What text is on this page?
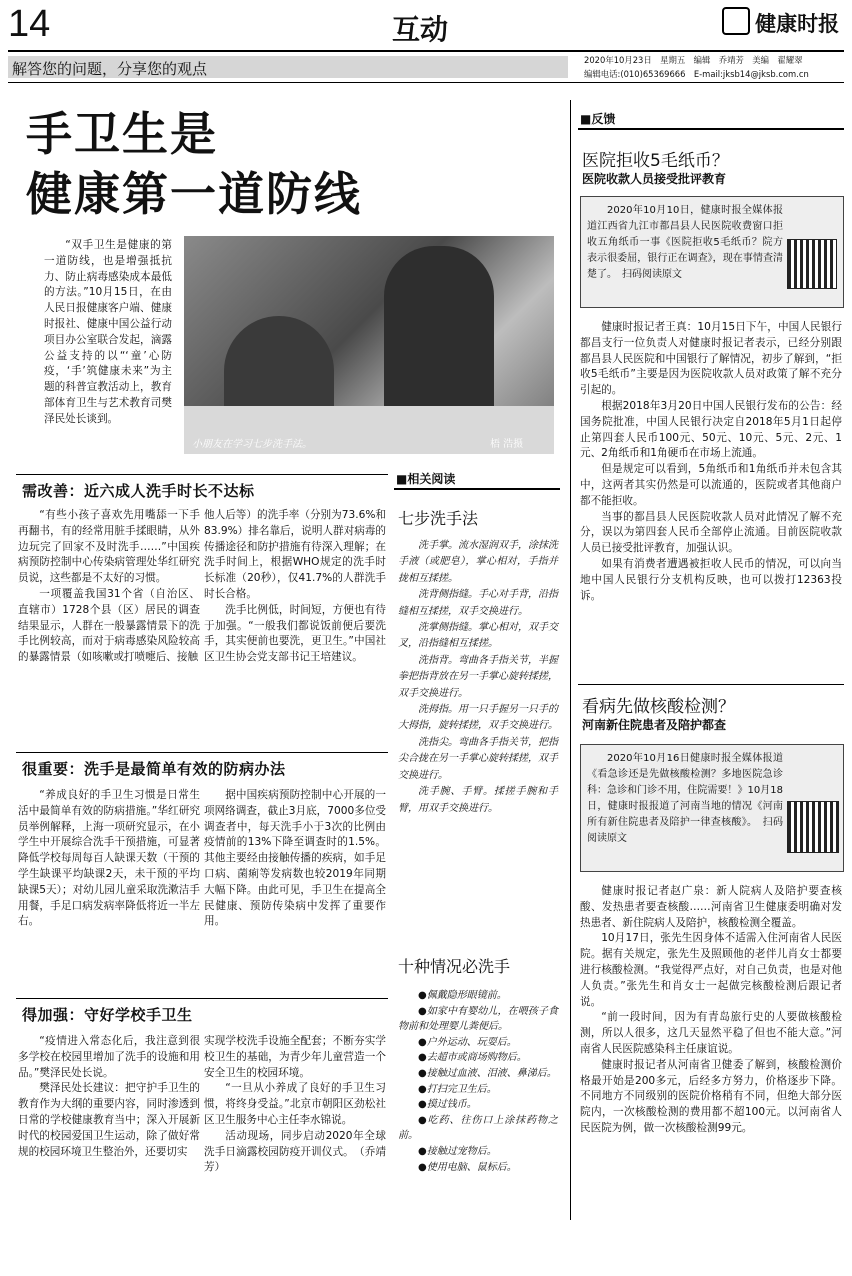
14	互动	健康时报
解答您的问题，分享您的观点	2020年10月23日　星期五　编辑　乔靖芳　美编　翟耀翠
编辑电话:(010)65369666　E-mail:jksb14@jksb.com.cn
手卫生是
健康第一道防线

“双手卫生是健康的第一道防线，也是增强抵抗力、防止病毒感染成本最低的方法。”10月15日，在由人民日报健康客户端、健康时报社、健康中国公益行动项目办公室联合发起，滴露公益支持的以“‘童’心防疫，‘手’筑健康未来”为主题的科普宣教活动上，教育部体育卫生与艺术教育司樊泽民处长谈到。

小朋友在学习七步洗手法。	梧 浩摄
需改善：近六成人洗手时长不达标

“有些小孩子喜欢先用嘴舔一下手再翻书，有的经常用脏手揉眼睛，从外边玩完了回家不及时洗手……”中国疾病预防控制中心传染病管理处华红研究员说，这些都是不太好的习惯。

一项覆盖我国31个省（自治区、直辖市）1728个县（区）居民的调查结果显示，人群在一般暴露情景下的洗手比例较高，而对于病毒感染风险较高的暴露情景（如咳嗽或打喷嚏后、接触

他人后等）的洗手率（分别为73.6%和83.9%）排名靠后，说明人群对病毒的传播途径和防护措施有待深入理解；在洗手时间上，根据WHO规定的洗手时长标准（20秒），仅41.7%的人群洗手时长合格。

洗手比例低，时间短，方便也有待于加强。“一般我们都说饭前便后要洗手，其实便前也要洗，更卫生。”中国社区卫生协会党支部书记王培建议。

很重要：洗手是最简单有效的防病办法

“养成良好的手卫生习惯是日常生活中最简单有效的防病措施。”华红研究员举例解释，上海一项研究显示，在小学生中开展综合洗手干预措施，可显著降低学校每周每百人缺课天数（干预的学生缺课平均缺课2天，未干预的平均缺课5天）；对幼儿园儿童采取洗漱洁手用餐，手足口病发病率降低将近一半左右。

据中国疾病预防控制中心开展的一项网络调查，截止3月底，7000多位受调查者中，每天洗手小于3次的比例由疫情前的13%下降至调查时的1.5%。其他主要经由接触传播的疾病，如手足口病、菌痢等发病数也较2019年同期大幅下降。由此可见，手卫生在提高全民健康、预防传染病中发挥了重要作用。

得加强：守好学校手卫生

“疫情进入常态化后，我注意到很多学校在校园里增加了洗手的设施和用品。”樊泽民处长说。

樊泽民处长建议：把守护手卫生的教育作为大纲的重要内容，同时渗透到日常的学校健康教育当中；深入开展新时代的校园爱国卫生运动，除了做好常规的校园环境卫生整治外，还要切实

实现学校洗手设施全配套；不断夯实学校卫生的基础，为青少年儿童营造一个安全卫生的校园环境。

“一旦从小养成了良好的手卫生习惯，将终身受益。”北京市朝阳区劲松社区卫生服务中心主任李水锦说。

活动现场，同步启动2020年全球洗手日滴露校园防疫开训仪式。　（乔靖芳）

■相关阅读
七步洗手法

洗手掌。流水湿润双手，涂抹洗手液（或肥皂），掌心相对，手指并拢相互揉搓。

洗背侧指缝。手心对手背，沿指缝相互揉搓，双手交换进行。

洗掌侧指缝。掌心相对，双手交叉，沿指缝相互揉搓。

洗指背。弯曲各手指关节，半握拳把指背放在另一手掌心旋转揉搓，双手交换进行。

洗拇指。用一只手握另一只手的大拇指，旋转揉搓，双手交换进行。

洗指尖。弯曲各手指关节，把指尖合拢在另一手掌心旋转揉搓，双手交换进行。

洗手腕、手臂。揉搓手腕和手臂，用双手交换进行。

十种情况必洗手

●佩戴隐形眼镜前。

●如家中有婴幼儿，在喂孩子食物前和处理婴儿粪便后。

●户外运动、玩耍后。

●去超市或商场购物后。

●接触过血液、泪液、鼻涕后。

●打扫完卫生后。

●摸过钱币。

●吃药、往伤口上涂抹药物之前。

●接触过宠物后。

●使用电脑、鼠标后。

■反馈
医院拒收5毛纸币？
医院收款人员接受批评教育

2020年10月10日，健康时报全媒体报道江西省九江市都昌县人民医院收费窗口拒收五角纸币一事《医院拒收5毛纸币？院方表示很委屈，银行正在调查》，现在事情查清楚了。　扫码阅读原文

健康时报记者王真：10月15日下午，中国人民银行都昌支行一位负责人对健康时报记者表示，已经分别跟都昌县人民医院和中国银行了解情况，初步了解到，“拒收5毛纸币”主要是因为医院收款人员对政策了解不充分引起的。

根据2018年3月20日中国人民银行发布的公告：经国务院批准，中国人民银行决定自2018年5月1日起停止第四套人民币100元、50元、10元、5元、2元、1元、2角纸币和1角硬币在市场上流通。

但是规定可以看到，5角纸币和1角纸币并未包含其中，这两者其实仍然是可以流通的，医院或者其他商户都不能拒收。

当事的都昌县人民医院收款人员对此情况了解不充分，误以为第四套人民币全部停止流通。目前医院收款人员已接受批评教育，加强认识。

如果有消费者遭遇被拒收人民币的情况，可以向当地中国人民银行分支机构反映，也可以拨打12363投诉。

看病先做核酸检测？
河南新住院患者及陪护都查

2020年10月16日健康时报全媒体报道《看急诊还是先做核酸检测？多地医院急诊科：急诊和门诊不用，住院需要！》10月18日，健康时报报道了河南当地的情况《河南所有新住院患者及陪护一律查核酸》。　扫码阅读原文

健康时报记者赵广泉：新人院病人及陪护要查核酸、发热患者要查核酸……河南省卫生健康委明确对发热患者、新住院病人及陪护，核酸检测全覆盖。

10月17日，张先生因身体不适需入住河南省人民医院。据有关规定，张先生及照顾他的老伴儿肖女士都要进行核酸检测。“我觉得严点好，对自己负责，也是对他人负责。”张先生和肖女士一起做完核酸检测后跟记者说。

“前一段时间，因为有青岛旅行史的人要做核酸检测，所以人很多，这几天显然平稳了但也不能大意。”河南省人民医院感染科主任康谊说。

健康时报记者从河南省卫健委了解到，核酸检测价格最开始是200多元，后经多方努力，价格逐步下降。不同地方不同级别的医院价格稍有不同，但绝大部分医院内，一次核酸检测的费用都不超100元。以河南省人民医院为例，做一次核酸检测99元。
